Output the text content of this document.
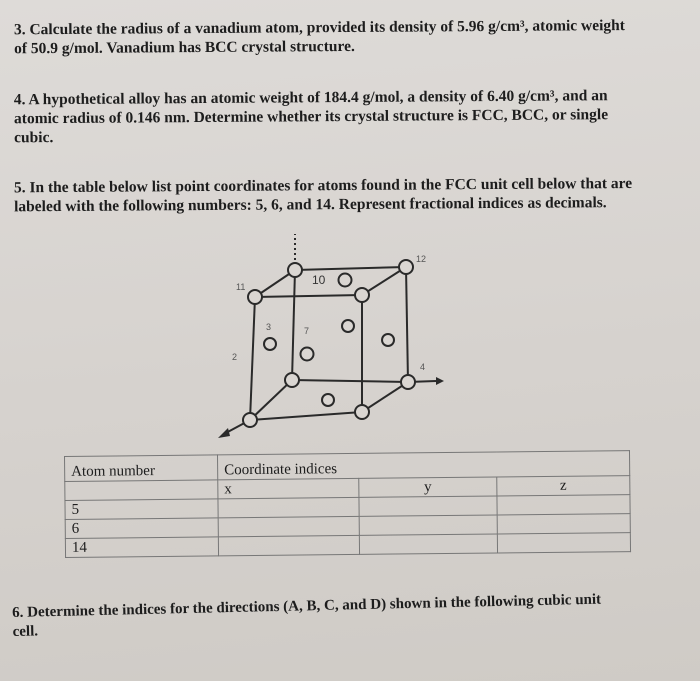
3. Calculate the radius of a vanadium atom, provided its density of 5.96 g/cm³, atomic weight
of 50.9 g/mol. Vanadium has BCC crystal structure.
4. A hypothetical alloy has an atomic weight of 184.4 g/mol, a density of 6.40 g/cm³, and an
atomic radius of 0.146 nm. Determine whether its crystal structure is FCC, BCC, or single
cubic.
5. In the table below list point coordinates for atoms found in the FCC unit cell below that are
labeled with the following numbers: 5, 6, and 14. Represent fractional indices as decimals.
10
11
12
2
3
4
7
Atom number	Coordinate indices		
	x	y	z
5			
6			
14			
6. Determine the indices for the directions (A, B, C, and D) shown in the following cubic unit
cell.
